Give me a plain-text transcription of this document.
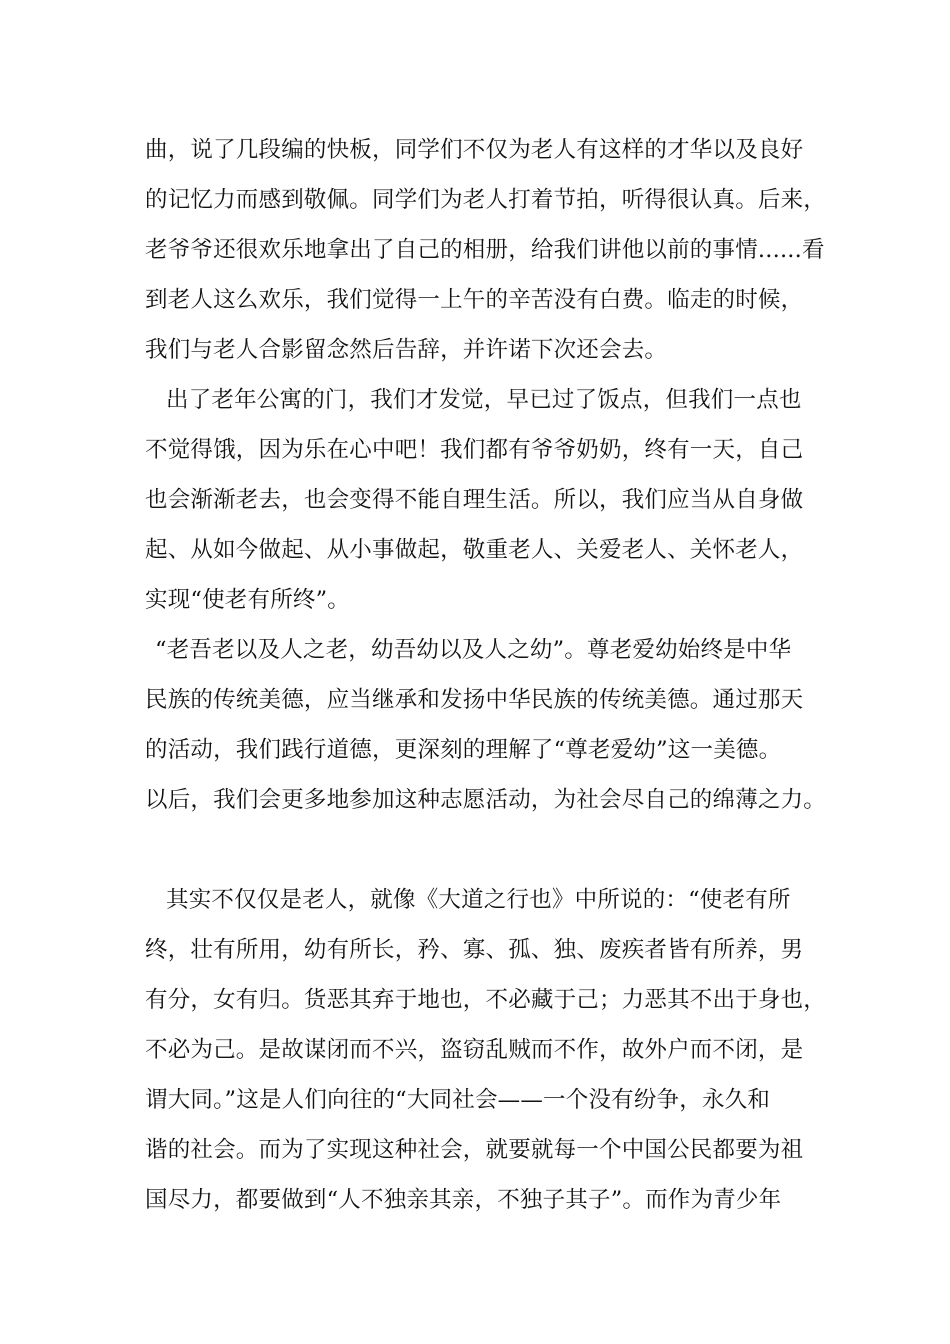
曲，说了几段编的快板，同学们不仅为老人有这样的才华以及良好
的记忆力而感到敬佩。同学们为老人打着节拍，听得很认真。后来，
老爷爷还很欢乐地拿出了自己的相册，给我们讲他以前的事情......看
到老人这么欢乐，我们觉得一上午的辛苦没有白费。临走的时候，
我们与老人合影留念然后告辞，并许诺下次还会去。
出了老年公寓的门，我们才发觉，早已过了饭点，但我们一点也
不觉得饿，因为乐在心中吧！我们都有爷爷奶奶，终有一天，自己
也会渐渐老去，也会变得不能自理生活。所以，我们应当从自身做
起、从如今做起、从小事做起，敬重老人、关爱老人、关怀老人，
实现“使老有所终”。
“老吾老以及人之老，幼吾幼以及人之幼”。尊老爱幼始终是中华
民族的传统美德，应当继承和发扬中华民族的传统美德。通过那天
的活动，我们践行道德，更深刻的理解了“尊老爱幼”这一美德。
以后，我们会更多地参加这种志愿活动，为社会尽自己的绵薄之力。
其实不仅仅是老人，就像《大道之行也》中所说的：“使老有所
终，壮有所用，幼有所长，矜、寡、孤、独、废疾者皆有所养，男
有分，女有归。货恶其弃于地也，不必藏于己；力恶其不出于身也，
不必为己。是故谋闭而不兴，盗窃乱贼而不作，故外户而不闭，是
谓大同。”这是人们向往的“大同社会——一个没有纷争，永久和
谐的社会。而为了实现这种社会，就要就每一个中国公民都要为祖
国尽力，都要做到“人不独亲其亲，不独子其子”。而作为青少年
